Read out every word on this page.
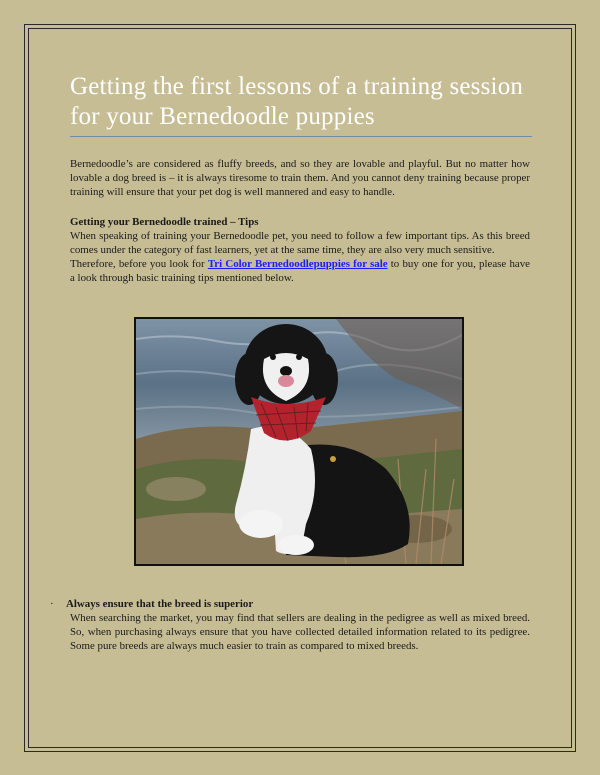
Getting the first lessons of a training session for your Bernedoodle puppies

Bernedoodle’s are considered as fluffy breeds, and so they are lovable and playful. But no matter how lovable a dog breed is – it is always tiresome to train them. And you cannot deny training because proper training will ensure that your pet dog is well mannered and easy to handle.

Getting your Bernedoodle trained – Tips

When speaking of training your Bernedoodle pet, you need to follow a few important tips. As this breed comes under the category of fast learners, yet at the same time, they are also very much sensitive.

Therefore, before you look for Tri Color Bernedoodlepuppies for sale to buy one for you, please have a look through basic training tips mentioned below.

·	Always ensure that the breed is superior

When searching the market, you may find that sellers are dealing in the pedigree as well as mixed breed. So, when purchasing always ensure that you have collected detailed information related to its pedigree. Some pure breeds are always much easier to train as compared to mixed breeds.
